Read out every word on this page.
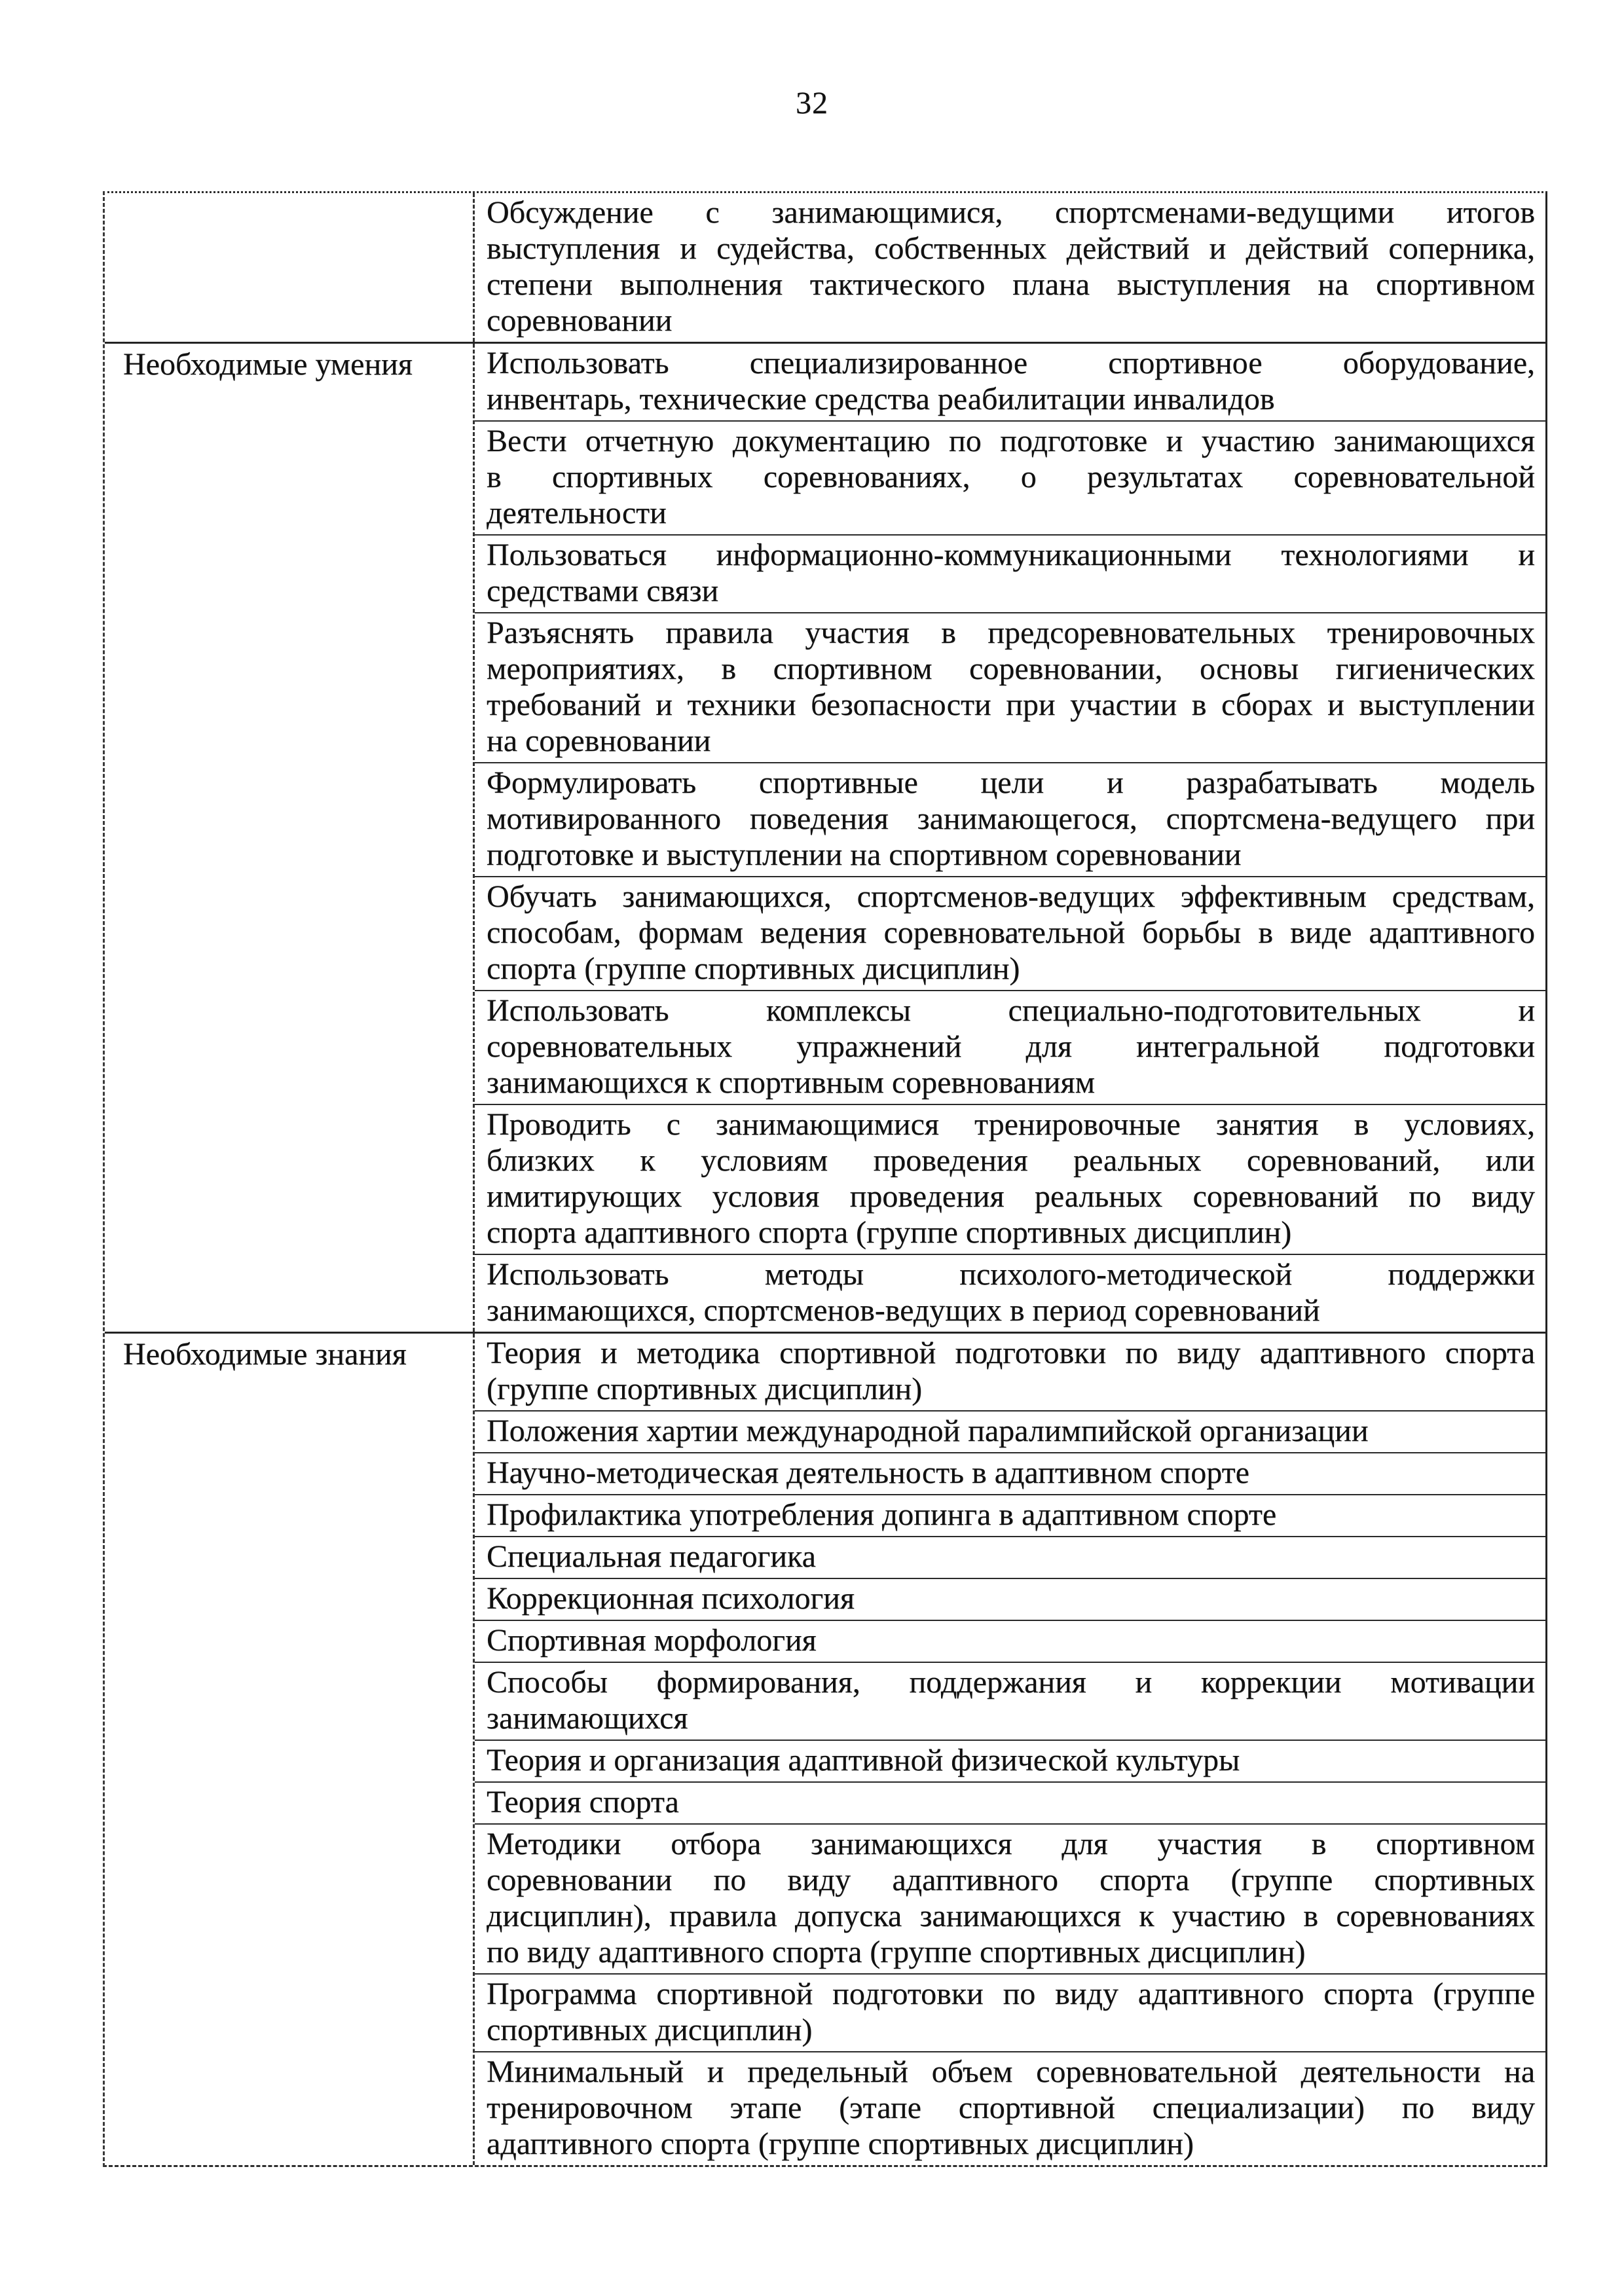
32
Обсуждение с занимающимися, спортсменами-ведущими итогов
выступления и судейства, собственных действий и действий соперника,
степени выполнения тактического плана выступления на спортивном
соревновании
Необходимые умения	Использовать специализированное спортивное оборудование,
инвентарь, технические средства реабилитации инвалидов
Вести отчетную документацию по подготовке и участию занимающихся
в спортивных соревнованиях, о результатах соревновательной
деятельности
Пользоваться информационно-коммуникационными технологиями и
средствами связи
Разъяснять правила участия в предсоревновательных тренировочных
мероприятиях, в спортивном соревновании, основы гигиенических
требований и техники безопасности при участии в сборах и выступлении
на соревновании
Формулировать спортивные цели и разрабатывать модель
мотивированного поведения занимающегося, спортсмена-ведущего при
подготовке и выступлении на спортивном соревновании
Обучать занимающихся, спортсменов-ведущих эффективным средствам,
способам, формам ведения соревновательной борьбы в виде адаптивного
спорта (группе спортивных дисциплин)
Использовать комплексы специально-подготовительных и
соревновательных упражнений для интегральной подготовки
занимающихся к спортивным соревнованиям
Проводить с занимающимися тренировочные занятия в условиях,
близких к условиям проведения реальных соревнований, или
имитирующих условия проведения реальных соревнований по виду
спорта адаптивного спорта (группе спортивных дисциплин)
Использовать методы психолого-методической поддержки
занимающихся, спортсменов-ведущих в период соревнований
Необходимые знания	Теория и методика спортивной подготовки по виду адаптивного спорта
(группе спортивных дисциплин)
Положения хартии международной паралимпийской организации
Научно-методическая деятельность в адаптивном спорте
Профилактика употребления допинга в адаптивном спорте
Специальная педагогика
Коррекционная психология
Спортивная морфология
Способы формирования, поддержания и коррекции мотивации
занимающихся
Теория и организация адаптивной физической культуры
Теория спорта
Методики отбора занимающихся для участия в спортивном
соревновании по виду адаптивного спорта (группе спортивных
дисциплин), правила допуска занимающихся к участию в соревнованиях
по виду адаптивного спорта (группе спортивных дисциплин)
Программа спортивной подготовки по виду адаптивного спорта (группе
спортивных дисциплин)
Минимальный и предельный объем соревновательной деятельности на
тренировочном этапе (этапе спортивной специализации) по виду
адаптивного спорта (группе спортивных дисциплин)
